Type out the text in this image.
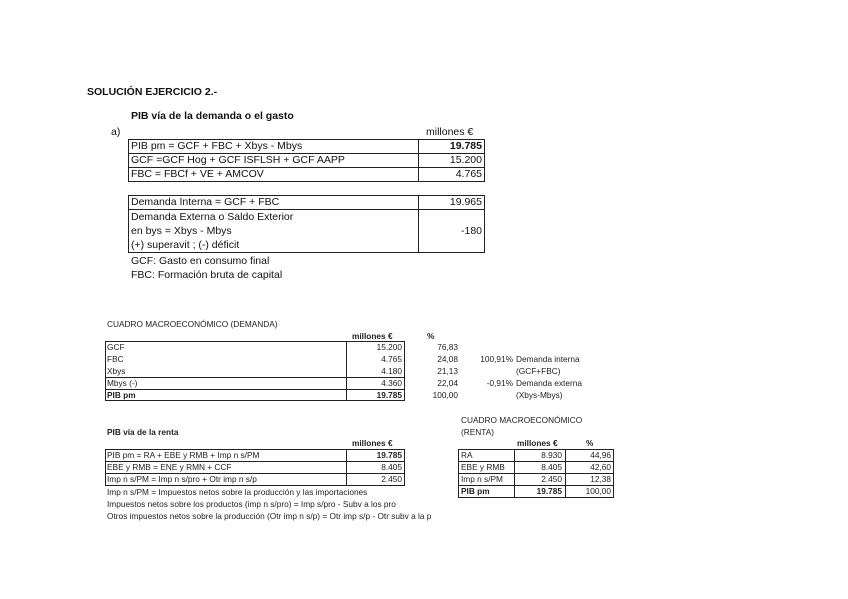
SOLUCIÓN EJERCICIO 2.-
PIB vía de la demanda o el gasto
a)	millones €
PIB pm = GCF + FBC + Xbys - Mbys	19.785
GCF =GCF Hog + GCF ISFLSH + GCF AAPP	15.200
FBC = FBCf + VE + AMCOV	4.765
Demanda Interna = GCF + FBC	19.965
Demanda Externa o Saldo Exterior
en bys = Xbys - Mbys
(+) superavit ; (-) déficit
-180
GCF: Gasto en consumo final
FBC: Formación bruta de capital
CUADRO MACROECONÓMICO (DEMANDA)
millones €	%
GCF	15.200	76,83
FBC	4.765	24,08
Xbys	4.180	21,13
Mbys (-)	4.360	22,04
PIB pm	19.785	100,00
100,91% Demanda interna
(GCF+FBC)
-0,91% Demanda externa
(Xbys-Mbys)
PIB vía de la renta
millones €
PIB pm = RA + EBE y RMB + Imp n s/PM	19.785
EBE y RMB = ENE y RMN + CCF	8.405
Imp n s/PM = Imp n s/pro + Otr imp n s/p	2.450
Imp n s/PM = Impuestos netos sobre la producción y las importaciones
Impuestos netos sobre los productos (imp n s/pro) = Imp s/pro - Subv a los pro
Otros impuestos netos sobre la producción (Otr imp n s/p) = Otr imp s/p - Otr subv a la p
CUADRO MACROECONÓMICO
(RENTA)
millones €	%
RA	8.930	44,96
EBE y RMB	8.405	42,60
Imp n s/PM	2.450	12,38
PIB pm	19.785	100,00
